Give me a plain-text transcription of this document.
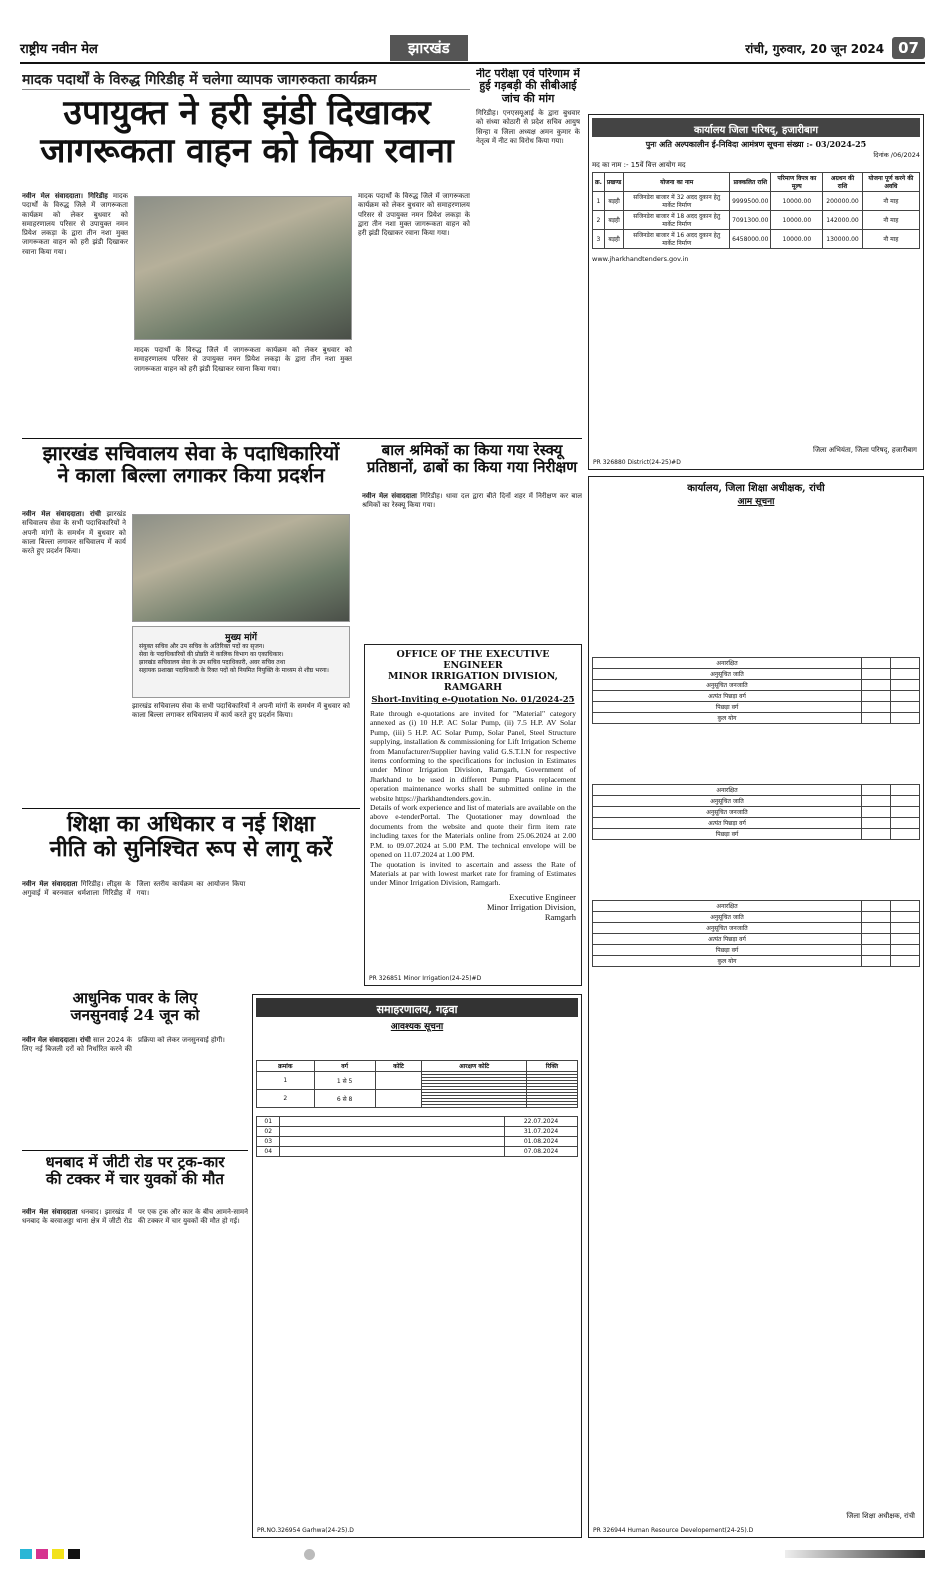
राष्ट्रीय नवीन मेल	झारखंड	रांची, गुरुवार, 20 जून 2024 07
मादक पदार्थों के विरुद्ध गिरिडीह में चलेगा व्यापक जागरुकता कार्यक्रम
उपायुक्त ने हरी झंडी दिखाकर
जागरूकता वाहन को किया रवाना
नवीन मेल संवाददाता। गिरिडीह मादक पदार्थों के विरुद्ध जिले में जागरूकता कार्यक्रम को लेकर बुधवार को समाहरणालय परिसर से उपायुक्त नमन प्रियेश लकड़ा के द्वारा तीन नशा मुक्त जागरूकता वाहन को हरी झंडी दिखाकर रवाना किया गया।
मादक पदार्थों के विरुद्ध जिले में जागरूकता कार्यक्रम को लेकर बुधवार को समाहरणालय परिसर से उपायुक्त नमन प्रियेश लकड़ा के द्वारा तीन नशा मुक्त जागरूकता वाहन को हरी झंडी दिखाकर रवाना किया गया।
मादक पदार्थों के विरुद्ध जिले में जागरूकता कार्यक्रम को लेकर बुधवार को समाहरणालय परिसर से उपायुक्त नमन प्रियेश लकड़ा के द्वारा तीन नशा मुक्त जागरूकता वाहन को हरी झंडी दिखाकर रवाना किया गया।
नीट परीक्षा एवं परिणाम में हुई गड़बड़ी की सीबीआई जांच की मांग
गिरिडीह। एनएसयूआई के द्वारा बुधवार को संध्या कोठारी से प्रदेश सचिव आयुष सिन्हा व जिला अध्यक्ष अमन कुमार के नेतृत्व में नीट का विरोध किया गया।
झारखंड सचिवालय सेवा के पदाधिकारियों
ने काला बिल्ला लगाकर किया प्रदर्शन
नवीन मेल संवाददाता। रांची झारखंड सचिवालय सेवा के सभी पदाधिकारियों ने अपनी मांगों के समर्थन में बुधवार को काला बिल्ला लगाकर सचिवालय में कार्य करते हुए प्रदर्शन किया।
मुख्य मांगें
संयुक्त सचिव और उप सचिव के अतिरिक्त पदों का सृजन।
सेवा के पदाधिकारियों की प्रोन्नति में कालिक विभाग का एकाधिकार।
झारखंड सचिवालय सेवा के उप सचिव पदाधिकारी, अवर सचिव तथा
सहायक प्रशाखा पदाधिकारी के रिक्त पदों को नियमित नियुक्ति के माध्यम से शीघ्र भरना।
झारखंड सचिवालय सेवा के सभी पदाधिकारियों ने अपनी मांगों के समर्थन में बुधवार को काला बिल्ला लगाकर सचिवालय में कार्य करते हुए प्रदर्शन किया।
बाल श्रमिकों का किया गया रेस्क्यू
प्रतिष्ठानों, ढाबों का किया गया निरीक्षण
नवीन मेल संवाददाता गिरिडीह। धावा दल द्वारा बीते दिनों शहर में निरीक्षण कर बाल श्रमिकों का रेस्क्यू किया गया।
OFFICE OF THE EXECUTIVE ENGINEER
MINOR IRRIGATION DIVISION, RAMGARH
Short-Inviting e-Quotation No. 01/2024-25
Rate through e-quotations are invited for "Material" category annexed as (i) 10 H.P. AC Solar Pump, (ii) 7.5 H.P. AV Solar Pump, (iii) 5 H.P. AC Solar Pump, Solar Panel, Steel Structure supplying, installation & commissioning for Lift Irrigation Scheme from Manufacturer/Supplier having valid G.S.T.I.N for respective items conforming to the specifications for inclusion in Estimates under Minor Irrigation Division, Ramgarh, Government of Jharkhand to be used in different Pump Plants replacement operation maintenance works shall be submitted online in the website https://jharkhandtenders.gov.in.
Details of work experience and list of materials are available on the above e-tenderPortal. The Quotationer may download the documents from the website and quote their firm item rate including taxes for the Materials online from 25.06.2024 at 2.00 P.M. to 09.07.2024 at 5.00 P.M. The technical envelope will be opened on 11.07.2024 at 1.00 PM.
The quotation is invited to ascertain and assess the Rate of Materials at par with lowest market rate for framing of Estimates under Minor Irrigation Division, Ramgarh.
Executive Engineer
Minor Irrigation Division,
Ramgarh
PR 326851 Minor Irrigation(24-25)#D
शिक्षा का अधिकार व नई शिक्षा
नीति को सुनिश्चित रूप से लागू करें
नवीन मेल संवाददाता गिरिडीह। लीड्स के अगुवाई में बरनवाल धर्मशाला गिरिडीह में जिला स्तरीय कार्यक्रम का आयोजन किया गया।
आधुनिक पावर के लिए
जनसुनवाई 24 जून को
नवीन मेल संवाददाता। रांची साल 2024 के लिए नई बिजली दरों को निर्धारित करने की प्रक्रिया को लेकर जनसुनवाई होगी।
धनबाद में जीटी रोड पर ट्रक-कार
की टक्कर में चार युवकों की मौत
नवीन मेल संवाददाता धनबाद। झारखंड में धनबाद के बरवाअड्डा थाना क्षेत्र में जीटी रोड पर एक ट्रक और कार के बीच आमने-सामने की टक्कर में चार युवकों की मौत हो गई।
समाहरणालय, गढ़वा
आवश्यक सूचना
क्रमांक	वर्ग	कोटि	आरक्षण कोटि	रिक्ति
1	1 से 5			

2	6 से 8			

01		22.07.2024
02		31.07.2024
03		01.08.2024
04		07.08.2024
PR.NO.326954 Garhwa(24-25).D
कार्यालय जिला परिषद्, हजारीबाग
पुनः अति अल्पकालीन ई-निविदा आमंत्रण सूचना संख्या :- 03/2024-25
दिनांक /06/2024
मद का नाम :- 15वें वित्त आयोग मद
क्र.	प्रखण्ड	योजना का नाम	प्राक्कलित राशि	परिमाण विपत्र का मूल्य	अग्रधन की राशि	योजना पूर्ण करने की अवधि
1	बड़ही	सजिनडेरा बाजार में 32 अदद दुकान हेतु मार्केट निर्माण	9999500.00	10000.00	200000.00	नौ माह
2	बड़ही	सजिनडेरा बाजार में 18 अदद दुकान हेतु मार्केट निर्माण	7091300.00	10000.00	142000.00	नौ माह
3	बड़ही	सजिनडेरा बाजार में 16 अदद दुकान हेतु मार्केट निर्माण	6458000.00	10000.00	130000.00	नौ माह
www.jharkhandtenders.gov.in
जिला अभियंता, जिला परिषद्, हजारीबाग
PR 326880 District(24-25)#D
कार्यालय, जिला शिक्षा अधीक्षक, रांची
आम सूचना
अनारक्षित		
अनुसूचित जाति		
अनुसूचित जनजाति		
अत्यंत पिछड़ा वर्ग		
पिछड़ा वर्ग		
कुल योग		
अनारक्षित		
अनुसूचित जाति		
अनुसूचित जनजाति		
अत्यंत पिछड़ा वर्ग		
पिछड़ा वर्ग		
अनारक्षित		
अनुसूचित जाति		
अनुसूचित जनजाति		
अत्यंत पिछड़ा वर्ग		
पिछड़ा वर्ग		
कुल योग		
जिला शिक्षा अधीक्षक, रांची
PR 326944 Human Resource Developement(24-25).D
